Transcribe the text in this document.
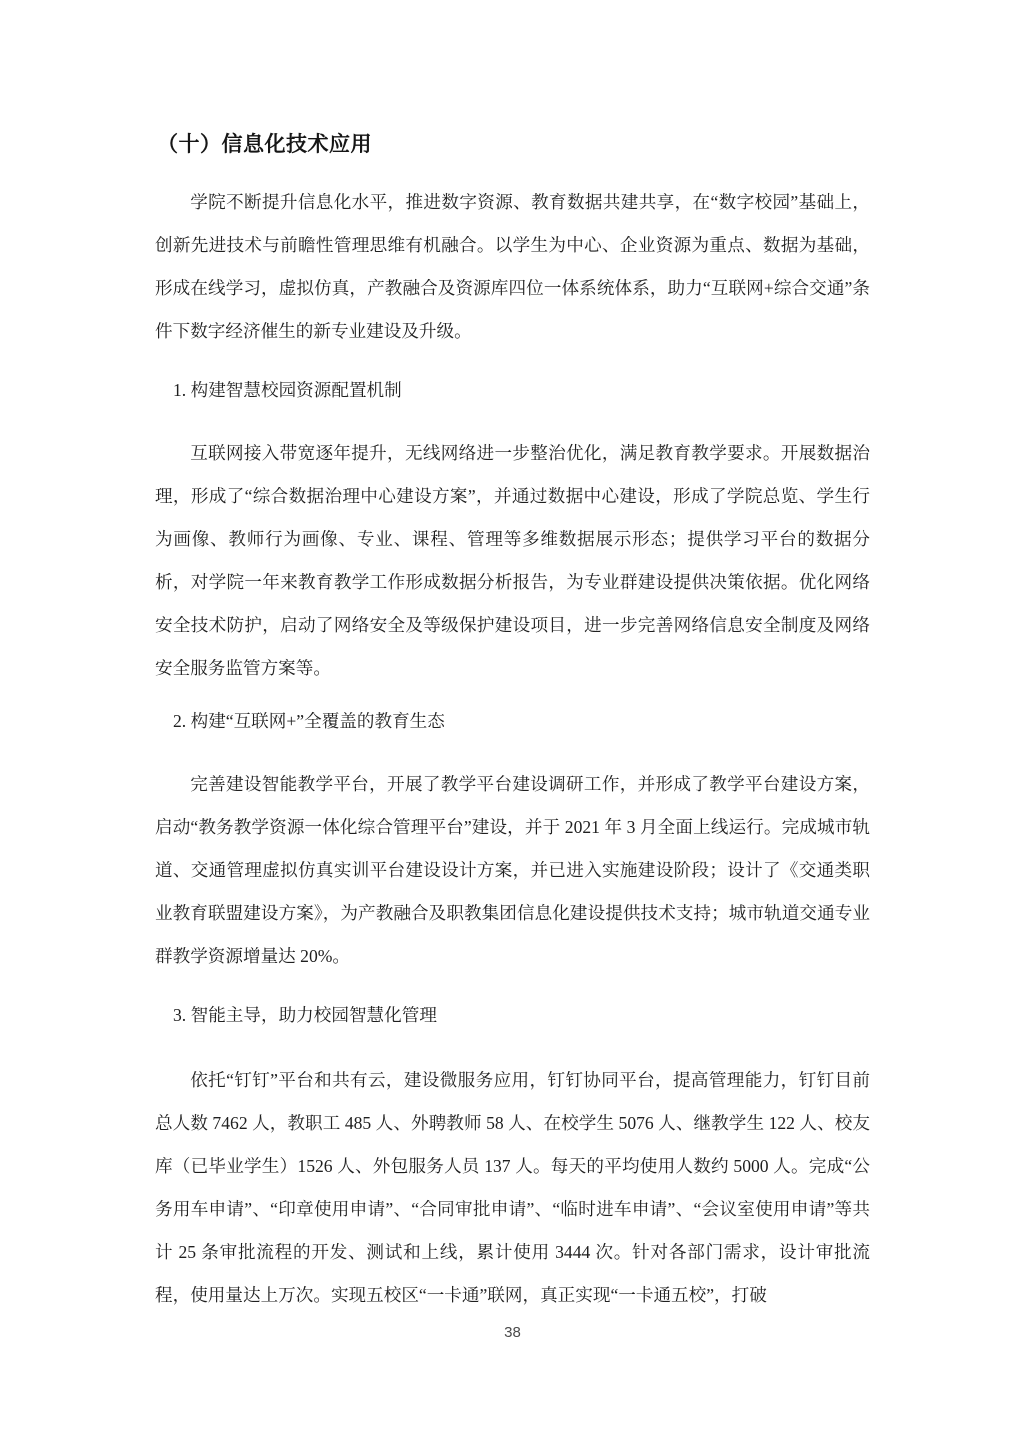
（十）信息化技术应用

学院不断提升信息化水平，推进数字资源、教育数据共建共享，在“数字校园”基础上，创新先进技术与前瞻性管理思维有机融合。以学生为中心、企业资源为重点、数据为基础，形成在线学习，虚拟仿真，产教融合及资源库四位一体系统体系，助力“互联网+综合交通”条件下数字经济催生的新专业建设及升级。

1. 构建智慧校园资源配置机制

互联网接入带宽逐年提升，无线网络进一步整治优化，满足教育教学要求。开展数据治理，形成了“综合数据治理中心建设方案”，并通过数据中心建设，形成了学院总览、学生行为画像、教师行为画像、专业、课程、管理等多维数据展示形态；提供学习平台的数据分析，对学院一年来教育教学工作形成数据分析报告，为专业群建设提供决策依据。优化网络安全技术防护，启动了网络安全及等级保护建设项目，进一步完善网络信息安全制度及网络安全服务监管方案等。

2. 构建“互联网+”全覆盖的教育生态

完善建设智能教学平台，开展了教学平台建设调研工作，并形成了教学平台建设方案，启动“教务教学资源一体化综合管理平台”建设，并于 2021 年 3 月全面上线运行。完成城市轨道、交通管理虚拟仿真实训平台建设设计方案，并已进入实施建设阶段；设计了《交通类职业教育联盟建设方案》，为产教融合及职教集团信息化建设提供技术支持；城市轨道交通专业群教学资源增量达 20%。

3. 智能主导，助力校园智慧化管理

依托“钉钉”平台和共有云，建设微服务应用，钉钉协同平台，提高管理能力，钉钉目前总人数 7462 人，教职工 485 人、外聘教师 58 人、在校学生 5076 人、继教学生 122 人、校友库（已毕业学生）1526 人、外包服务人员 137 人。每天的平均使用人数约 5000 人。完成“公务用车申请”、“印章使用申请”、“合同审批申请”、“临时进车申请”、“会议室使用申请”等共计 25 条审批流程的开发、测试和上线，累计使用 3444 次。针对各部门需求，设计审批流程，使用量达上万次。实现五校区“一卡通”联网，真正实现“一卡通五校”，打破

38
